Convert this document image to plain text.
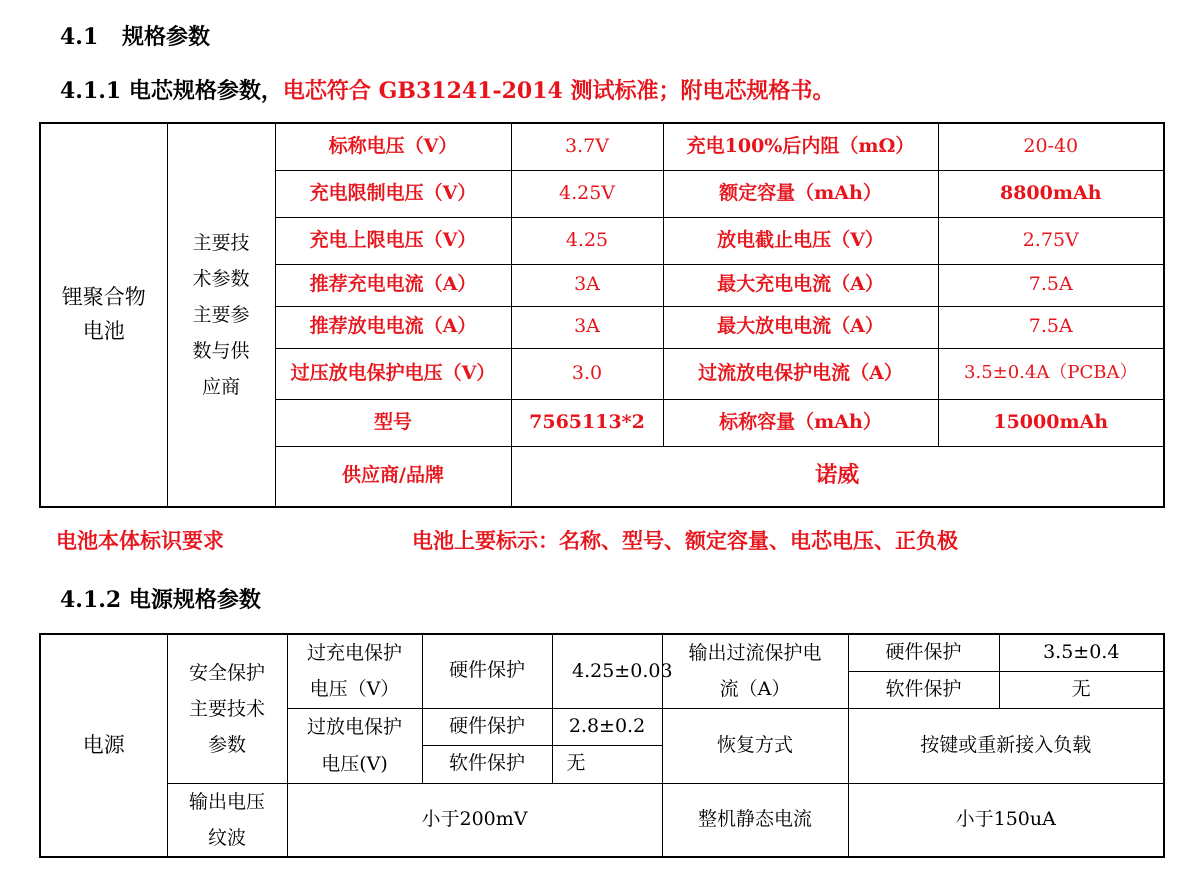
4.1 规格参数
4.1.1 电芯规格参数，电芯符合 GB31241-2014 测试标准；附电芯规格书。
锂聚合物电池	主要技术参数主要参数与供应商	标称电压（V）	3.7V	充电100%后内阻（mΩ）	20-40
		充电限制电压（V）	4.25V	额定容量（mAh）	8800mAh
		充电上限电压（V）	4.25	放电截止电压（V）	2.75V
		推荐充电电流（A）	3A	最大充电电流（A）	7.5A
		推荐放电电流（A）	3A	最大放电电流（A）	7.5A
		过压放电保护电压（V）	3.0	过流放电保护电流（A）	3.5±0.4A（PCBA）
		型号	7565113*2	标称容量（mAh）	15000mAh
		供应商/品牌	诺威		
电池本体标识要求	电池上要标示：名称、型号、额定容量、电芯电压、正负极
4.1.2 电源规格参数
电源	安全保护主要技术参数	过充电保护电压（V）	硬件保护	4.25±0.03	输出过流保护电流（A）	硬件保护	3.5±0.4
						软件保护	无

		过放电保护电压(V)	硬件保护	2.8±0.2	恢复方式	按键或重新接入负载	
			软件保护	无			

	输出电压纹波	小于200mV			整机静态电流	小于150uA	
